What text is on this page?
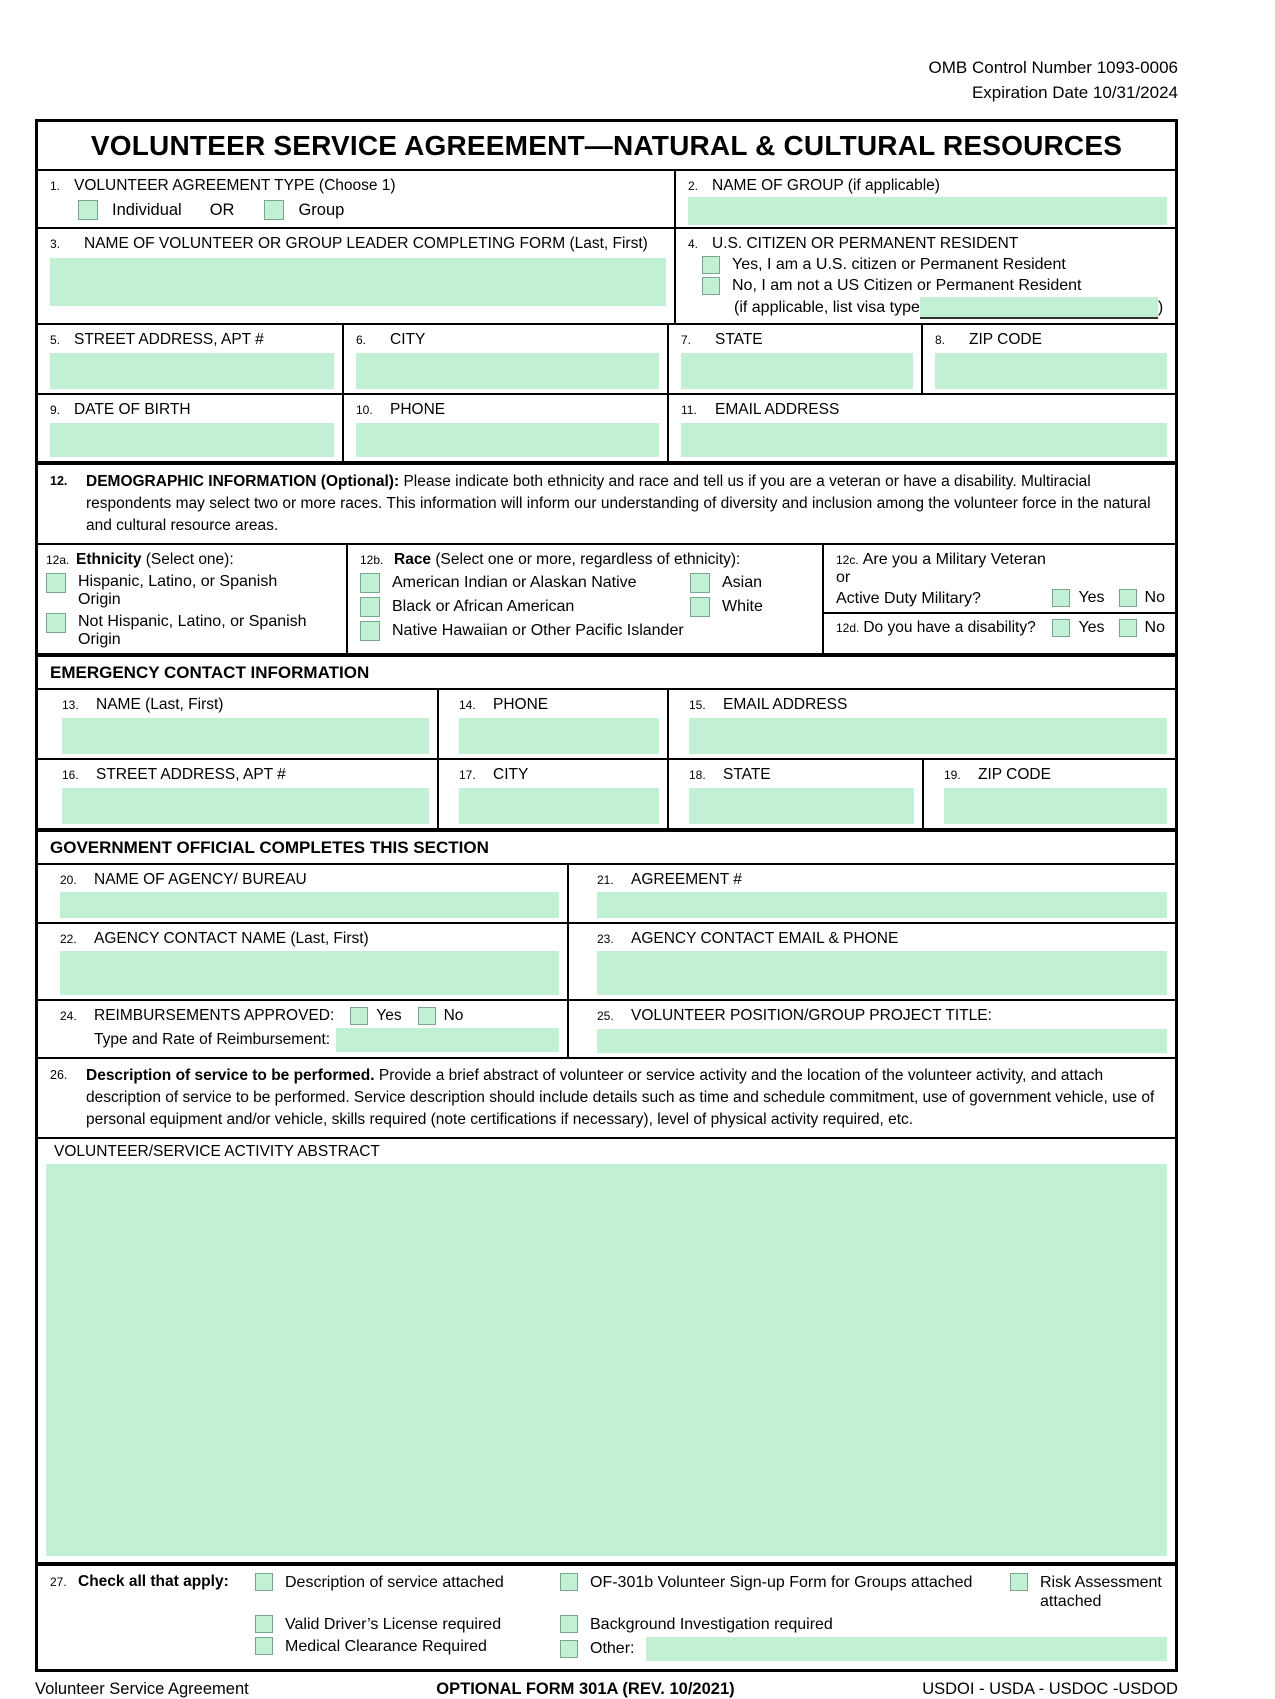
OMB Control Number 1093-0006
Expiration Date 10/31/2024
VOLUNTEER SERVICE AGREEMENT—NATURAL & CULTURAL RESOURCES
1. VOLUNTEER AGREEMENT TYPE (Choose 1)
Individual OR	Group
2. NAME OF GROUP (if applicable)
3. NAME OF VOLUNTEER OR GROUP LEADER COMPLETING FORM (Last, First)	4. U.S. CITIZEN OR PERMANENT RESIDENT
Yes, I am a U.S. citizen or Permanent Resident
No, I am not a US Citizen or Permanent Resident
(if applicable, list visa type	)
5. STREET ADDRESS, APT #	6. CITY	7. STATE	8. ZIP CODE
9. DATE OF BIRTH	10. PHONE	11. EMAIL ADDRESS
12.	DEMOGRAPHIC INFORMATION (Optional): Please indicate both ethnicity and race and tell us if you are a veteran or have a disability. Multiracial respondents may select two or more races. This information will inform our understanding of diversity and inclusion among the volunteer force in the natural and cultural resource areas.
12a. Ethnicity (Select one):
Hispanic, Latino, or Spanish Origin
Not Hispanic, Latino, or Spanish Origin
12b. Race (Select one or more, regardless of ethnicity):
American Indian or Alaskan Native
Black or African American
Native Hawaiian or Other Pacific Islander
Asian
White
12c. Are you a Military Veteran or
Active Duty Military?	Yes	No
12d. Do you have a disability?	Yes	No
EMERGENCY CONTACT INFORMATION
13. NAME (Last, First)	14. PHONE	15. EMAIL ADDRESS
16. STREET ADDRESS, APT #	17. CITY	18. STATE	19. ZIP CODE
GOVERNMENT OFFICIAL COMPLETES THIS SECTION
20. NAME OF AGENCY/ BUREAU	21. AGREEMENT #
22. AGENCY CONTACT NAME (Last, First)	23. AGENCY CONTACT EMAIL & PHONE
24.	REIMBURSEMENTS APPROVED:	Yes	No
Type and Rate of Reimbursement:
25. VOLUNTEER POSITION/GROUP PROJECT TITLE:
26.	Description of service to be performed. Provide a brief abstract of volunteer or service activity and the location of the volunteer activity, and attach description of service to be performed. Service description should include details such as time and schedule commitment, use of government vehicle, use of personal equipment and/or vehicle, skills required (note certifications if necessary), level of physical activity required, etc.
VOLUNTEER/SERVICE ACTIVITY ABSTRACT
27. Check all that apply:	Description of service attached	OF-301b Volunteer Sign-up Form for Groups attached	Risk Assessment attached
Valid Driver’s License required	Background Investigation required
Medical Clearance Required	Other:
Volunteer Service Agreement	OPTIONAL FORM 301A (REV. 10/2021)	USDOI - USDA - USDOC -USDOD
